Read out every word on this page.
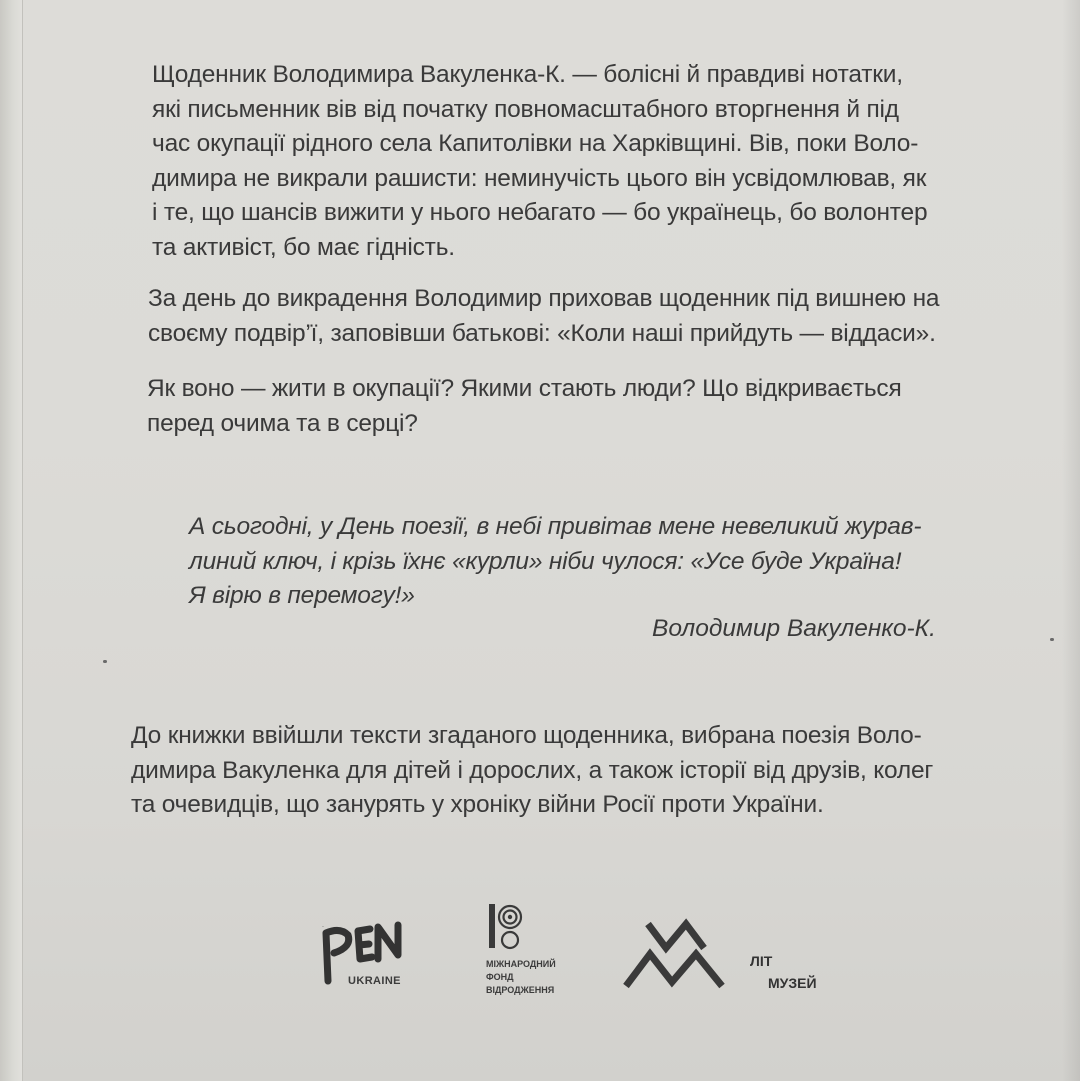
Щоденник Володимира Вакуленка-К. — болісні й правдиві нотатки,
які письменник вів від початку повномасштабного вторгнення й під
час окупації рідного села Капитолівки на Харківщині. Вів, поки Воло-
димира не викрали рашисти: неминучість цього він усвідомлював, як
і те, що шансів вижити у нього небагато — бо українець, бо волонтер
та активіст, бо має гідність.
За день до викрадення Володимир приховав щоденник під вишнею на
своєму подвір’ї, заповівши батькові: «Коли наші прийдуть — віддаси».
Як воно — жити в окупації? Якими стають люди? Що відкривається
перед очима та в серці?
А сьогодні, у День поезії, в небі привітав мене невеликий журав-
линий ключ, і крізь їхнє «курли» ніби чулося: «Усе буде Україна!
Я вірю в перемогу!»
Володимир Вакуленко-К.
До книжки ввійшли тексти згаданого щоденника, вибрана поезія Воло-
димира Вакуленка для дітей і дорослих, а також історії від друзів, колег
та очевидців, що занурять у хроніку війни Росії проти України.
PEN
UKRAINE
МІЖНАРОДНИЙ
ФОНД
ВІДРОДЖЕННЯ
ЛІТ
МУЗЕЙ
